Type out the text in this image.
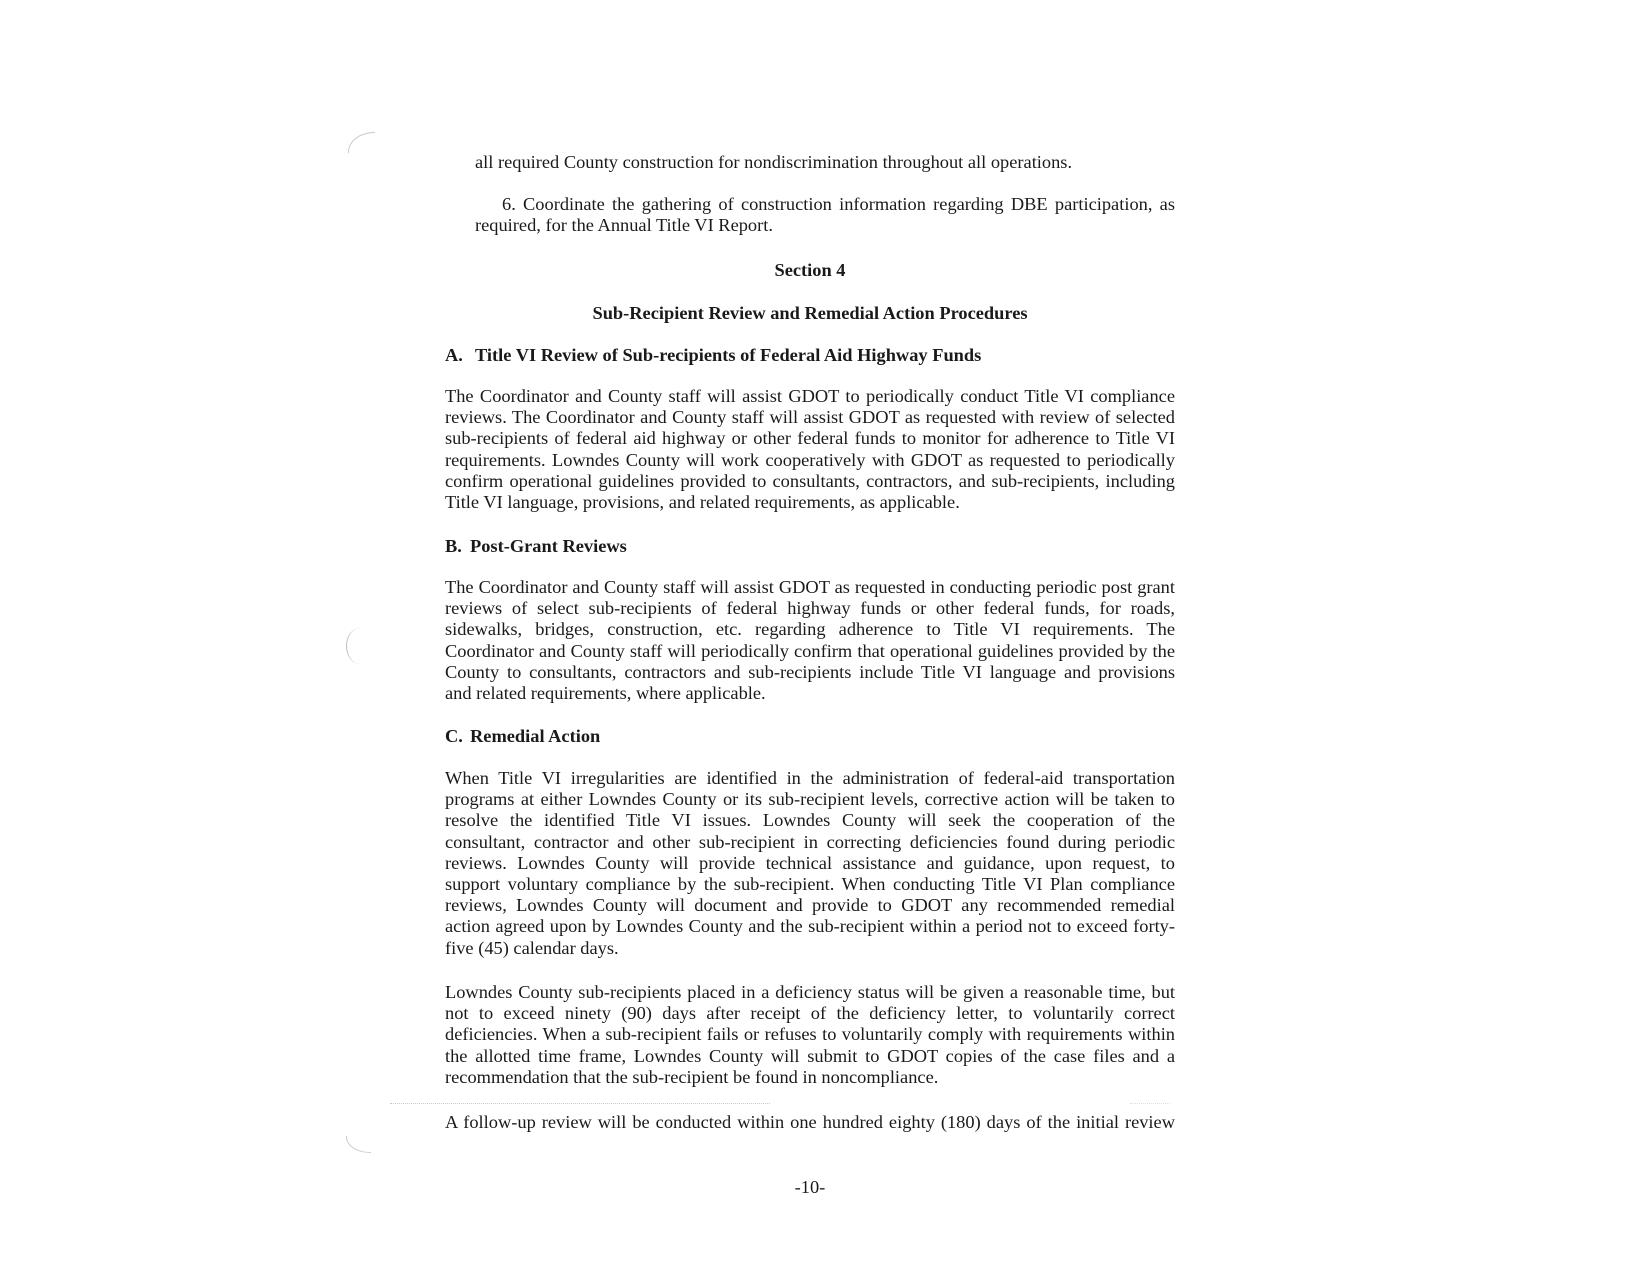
all required County construction for nondiscrimination throughout all operations.
6. Coordinate the gathering of construction information regarding DBE participation, as
required, for the Annual Title VI Report.
Section 4
Sub-Recipient Review and Remedial Action Procedures
A. Title VI Review of Sub-recipients of Federal Aid Highway Funds
The Coordinator and County staff will assist GDOT to periodically conduct Title VI compliance
reviews. The Coordinator and County staff will assist GDOT as requested with review of selected
sub-recipients of federal aid highway or other federal funds to monitor for adherence to Title VI
requirements. Lowndes County will work cooperatively with GDOT as requested to periodically
confirm operational guidelines provided to consultants, contractors, and sub-recipients, including
Title VI language, provisions, and related requirements, as applicable.
B. Post-Grant Reviews
The Coordinator and County staff will assist GDOT as requested in conducting periodic post grant
reviews of select sub-recipients of federal highway funds or other federal funds, for roads,
sidewalks, bridges, construction, etc. regarding adherence to Title VI requirements. The
Coordinator and County staff will periodically confirm that operational guidelines provided by the
County to consultants, contractors and sub-recipients include Title VI language and provisions
and related requirements, where applicable.
C. Remedial Action
When Title VI irregularities are identified in the administration of federal-aid transportation
programs at either Lowndes County or its sub-recipient levels, corrective action will be taken to
resolve the identified Title VI issues. Lowndes County will seek the cooperation of the
consultant, contractor and other sub-recipient in correcting deficiencies found during periodic
reviews. Lowndes County will provide technical assistance and guidance, upon request, to
support voluntary compliance by the sub-recipient. When conducting Title VI Plan compliance
reviews, Lowndes County will document and provide to GDOT any recommended remedial
action agreed upon by Lowndes County and the sub-recipient within a period not to exceed forty-
five (45) calendar days.
Lowndes County sub-recipients placed in a deficiency status will be given a reasonable time, but
not to exceed ninety (90) days after receipt of the deficiency letter, to voluntarily correct
deficiencies. When a sub-recipient fails or refuses to voluntarily comply with requirements within
the allotted time frame, Lowndes County will submit to GDOT copies of the case files and a
recommendation that the sub-recipient be found in noncompliance.
A follow-up review will be conducted within one hundred eighty (180) days of the initial review
-10-
